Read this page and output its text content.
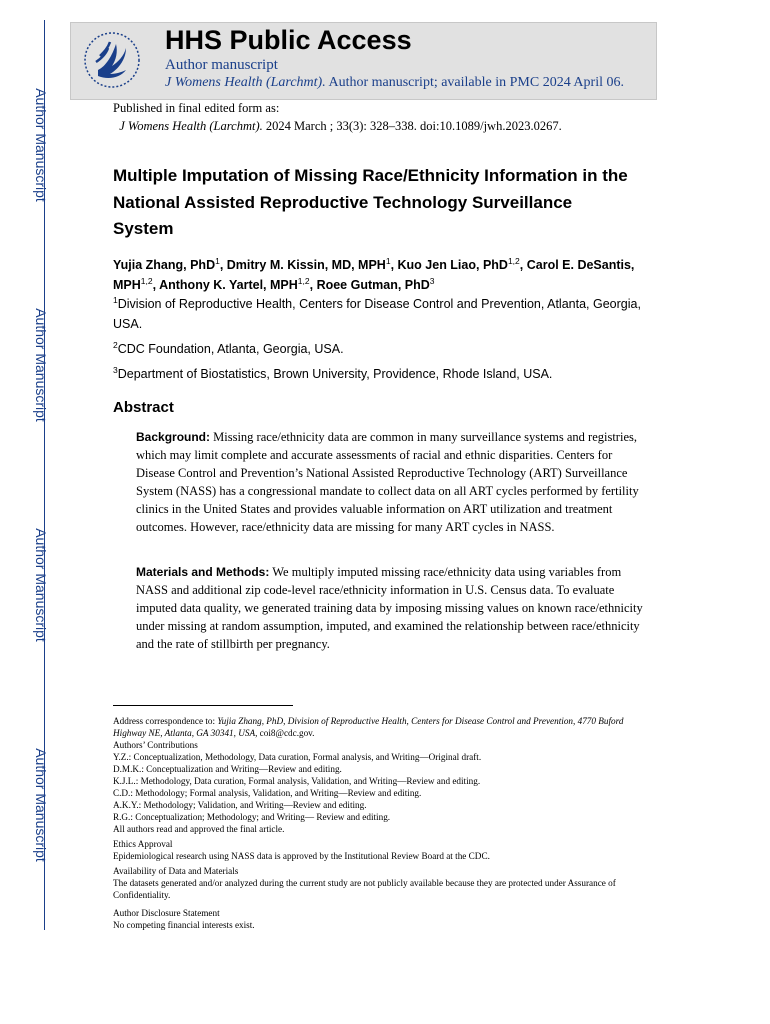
Author Manuscript
Author Manuscript
Author Manuscript
Author Manuscript
HHS Public Access
Author manuscript
J Womens Health (Larchmt). Author manuscript; available in PMC 2024 April 06.
Published in final edited form as:
J Womens Health (Larchmt). 2024 March ; 33(3): 328–338. doi:10.1089/jwh.2023.0267.
Multiple Imputation of Missing Race/Ethnicity Information in the National Assisted Reproductive Technology Surveillance System
Yujia Zhang, PhD$^1$, Dmitry M. Kissin, MD, MPH$^1$, Kuo Jen Liao, PhD$^{1,2}$, Carol E. DeSantis, MPH$^{1,2}$, Anthony K. Yartel, MPH$^{1,2}$, Roee Gutman, PhD$^3$
$^1$Division of Reproductive Health, Centers for Disease Control and Prevention, Atlanta, Georgia, USA.
$^2$CDC Foundation, Atlanta, Georgia, USA.
$^3$Department of Biostatistics, Brown University, Providence, Rhode Island, USA.
Abstract
Background: Missing race/ethnicity data are common in many surveillance systems and registries, which may limit complete and accurate assessments of racial and ethnic disparities. Centers for Disease Control and Prevention’s National Assisted Reproductive Technology (ART) Surveillance System (NASS) has a congressional mandate to collect data on all ART cycles performed by fertility clinics in the United States and provides valuable information on ART utilization and treatment outcomes. However, race/ethnicity data are missing for many ART cycles in NASS.
Materials and Methods: We multiply imputed missing race/ethnicity data using variables from NASS and additional zip code-level race/ethnicity information in U.S. Census data. To evaluate imputed data quality, we generated training data by imposing missing values on known race/ethnicity under missing at random assumption, imputed, and examined the relationship between race/ethnicity and the rate of stillbirth per pregnancy.
Address correspondence to: Yujia Zhang, PhD, Division of Reproductive Health, Centers for Disease Control and Prevention, 4770 Buford Highway NE, Atlanta, GA 30341, USA, coi8@cdc.gov.
Authors’ Contributions
Y.Z.: Conceptualization, Methodology, Data curation, Formal analysis, and Writing—Original draft.
D.M.K.: Conceptualization and Writing—Review and editing.
K.J.L.: Methodology, Data curation, Formal analysis, Validation, and Writing—Review and editing.
C.D.: Methodology; Formal analysis, Validation, and Writing—Review and editing.
A.K.Y.: Methodology; Validation, and Writing—Review and editing.
R.G.: Conceptualization; Methodology; and Writing— Review and editing.
All authors read and approved the final article.
Ethics Approval
Epidemiological research using NASS data is approved by the Institutional Review Board at the CDC.
Availability of Data and Materials
The datasets generated and/or analyzed during the current study are not publicly available because they are protected under Assurance of Confidentiality.
Author Disclosure Statement
No competing financial interests exist.
